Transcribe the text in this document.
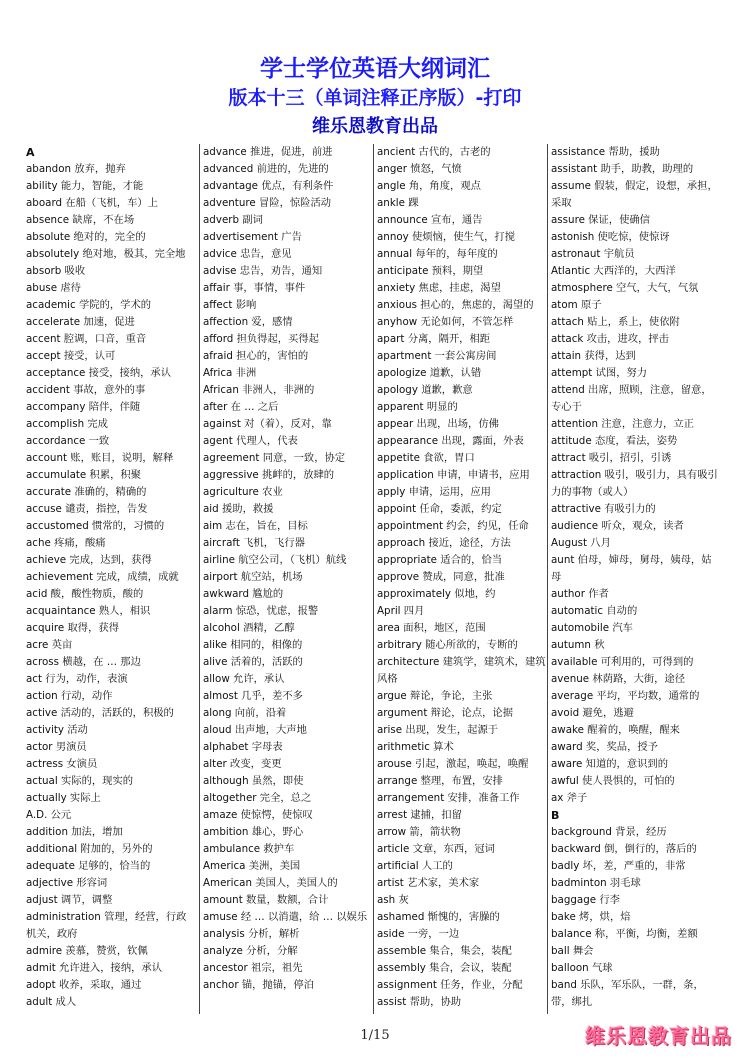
学士学位英语大纲词汇
版本十三（单词注释正序版）-打印
维乐恩教育出品
A
abandon 放弃，抛弃
ability 能力，智能，才能
aboard 在船（飞机，车）上
absence 缺席，不在场
absolute 绝对的，完全的
absolutely 绝对地，极其，完全地
absorb 吸收
abuse 虐待
academic 学院的，学术的
accelerate 加速，促进
accent 腔调，口音，重音
accept 接受，认可
acceptance 接受，接纳，承认
accident 事故，意外的事
accompany 陪伴，伴随
accomplish 完成
accordance 一致
account 账，账目，说明，解释
accumulate 积累，积聚
accurate 准确的，精确的
accuse 谴责，指控，告发
accustomed 惯常的，习惯的
ache 疼痛，酸痛
achieve 完成，达到，获得
achievement 完成，成绩，成就
acid 酸，酸性物质，酸的
acquaintance 熟人，相识
acquire 取得，获得
acre 英亩
across 横越，在 … 那边
act 行为，动作，表演
action 行动，动作
active 活动的，活跃的，积极的
activity 活动
actor 男演员
actress 女演员
actual 实际的，现实的
actually 实际上
A.D. 公元
addition 加法，增加
additional 附加的，另外的
adequate 足够的，恰当的
adjective 形容词
adjust 调节，调整
administration 管理，经营，行政机关，政府
admire 羡慕，赞赏，钦佩
admit 允许进入，接纳，承认
adopt 收养，采取，通过
adult 成人
advance 推进，促进，前进
advanced 前进的，先进的
advantage 优点，有利条件
adventure 冒险，惊险活动
adverb 副词
advertisement 广告
advice 忠告，意见
advise 忠告，劝告，通知
affair 事，事情，事件
affect 影响
affection 爱，感情
afford 担负得起，买得起
afraid 担心的，害怕的
Africa 非洲
African 非洲人，非洲的
after 在 … 之后
against 对（着），反对，靠
agent 代理人，代表
agreement 同意，一致，协定
aggressive 挑衅的，放肆的
agriculture 农业
aid 援助，救援
aim 志在，旨在，目标
aircraft 飞机，飞行器
airline 航空公司，（飞机）航线
airport 航空站，机场
awkward 尴尬的
alarm 惊恐，忧虑，报警
alcohol 酒精，乙醇
alike 相同的，相像的
alive 活着的，活跃的
allow 允许，承认
almost 几乎，差不多
along 向前，沿着
aloud 出声地，大声地
alphabet 字母表
alter 改变，变更
although 虽然，即使
altogether 完全，总之
amaze 使惊愕，使惊叹
ambition 雄心，野心
ambulance 救护车
America 美洲，美国
American 美国人，美国人的
amount 数量，数额，合计
amuse 经 … 以消遣，给 … 以娱乐
analysis 分析，解析
analyze 分析，分解
ancestor 祖宗，祖先
anchor 锚，抛锚，停泊
ancient 古代的，古老的
anger 愤怒，气愤
angle 角，角度，观点
ankle 踝
announce 宣布，通告
annoy 使烦恼，使生气，打搅
annual 每年的，每年度的
anticipate 预料，期望
anxiety 焦虑，挂虑，渴望
anxious 担心的，焦虑的，渴望的
anyhow 无论如何，不管怎样
apart 分离，隔开，相距
apartment 一套公寓房间
apologize 道歉，认错
apology 道歉，歉意
apparent 明显的
appear 出现，出场，仿佛
appearance 出现，露面，外表
appetite 食欲，胃口
application 申请，申请书，应用
apply 申请，运用，应用
appoint 任命，委派，约定
appointment 约会，约见，任命
approach 接近，途径，方法
appropriate 适合的，恰当
approve 赞成，同意，批准
approximately 似地，约
April 四月
area 面积，地区，范围
arbitrary 随心所欲的，专断的
architecture 建筑学，建筑术，建筑风格
argue 辩论，争论，主张
argument 辩论，论点，论据
arise 出现，发生，起源于
arithmetic 算术
arouse 引起，激起，唤起，唤醒
arrange 整理，布置，安排
arrangement 安排，准备工作
arrest 逮捕，扣留
arrow 箭，箭状物
article 文章，东西，冠词
artificial 人工的
artist 艺术家，美术家
ash 灰
ashamed 惭愧的，害臊的
aside 一旁，一边
assemble 集合，集会，装配
assembly 集合，会议，装配
assignment 任务，作业，分配
assist 帮助，协助
assistance 帮助，援助
assistant 助手，助教，助理的
assume 假装，假定，设想，承担，采取
assure 保证，使确信
astonish 使吃惊，使惊讶
astronaut 宇航员
Atlantic 大西洋的，大西洋
atmosphere 空气，大气，气氛
atom 原子
attach 贴上，系上，使依附
attack 攻击，进攻，抨击
attain 获得，达到
attempt 试图，努力
attend 出席，照顾，注意，留意，专心于
attention 注意，注意力，立正
attitude 态度，看法，姿势
attract 吸引，招引，引诱
attraction 吸引，吸引力，具有吸引力的事物（或人）
attractive 有吸引力的
audience 听众，观众，读者
August 八月
aunt 伯母，婶母，舅母，姨母，姑母
author 作者
automatic 自动的
automobile 汽车
autumn 秋
available 可利用的，可得到的
avenue 林荫路，大街，途径
average 平均，平均数，通常的
avoid 避免，逃避
awake 醒着的，唤醒，醒来
award 奖，奖品，授予
aware 知道的，意识到的
awful 使人畏惧的，可怕的
ax 斧子
B
background 背景，经历
backward 倒，倒行的，落后的
badly 坏，差，严重的，非常
badminton 羽毛球
baggage 行李
bake 烤，烘，焙
balance 称，平衡，均衡，差额
ball 舞会
balloon 气球
band 乐队，军乐队，一群，条，带，绑扎
1/15	维乐恩教育出品
